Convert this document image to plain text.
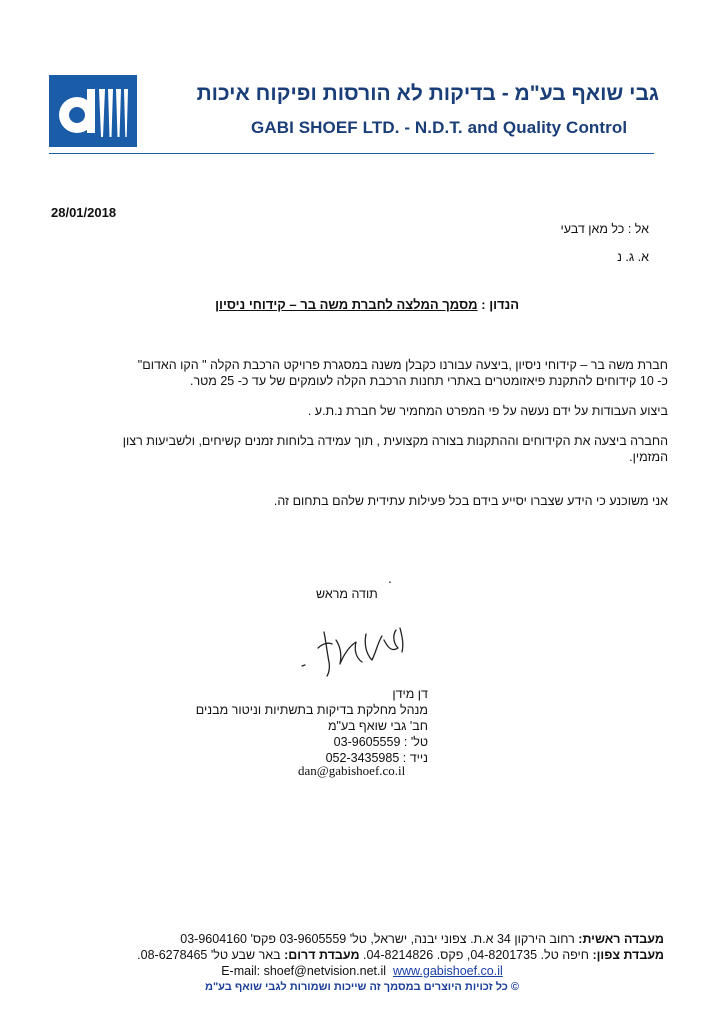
גבי שואף בע"מ - בדיקות לא הורסות ופיקוח איכות
GABI SHOEF LTD. - N.D.T. and Quality Control
28/01/2018
אל : כל מאן דבעי
א. ג. נ
הנדון : מסמך המלצה לחברת משה בר – קידוחי ניסיון
חברת משה בר – קידוחי ניסיון ,ביצעה עבורנו כקבלן משנה במסגרת פרויקט הרכבת הקלה " הקו האדום"
כ- 10 קידוחים להתקנת פיאזומטרים באתרי תחנות הרכבת הקלה לעומקים של עד כ- 25 מטר.
ביצוע העבודות על ידם נעשה על פי המפרט המחמיר של חברת נ.ת.ע .
החברה ביצעה את הקידוחים וההתקנות בצורה מקצועית , תוך עמידה בלוחות זמנים קשיחים, ולשביעות רצון
המזמין.
אני משוכנע כי הידע שצברו יסייע בידם בכל פעילות עתידית שלהם בתחום זה.
.
תודה מראש
דן מידן
מנהל מחלקת בדיקות בתשתיות וניטור מבנים
חב' גבי שואף בע"מ
טל' : 03-9605559
נייד : 052-3435985
dan@gabishoef.co.il
מעבדה ראשית: רחוב הירקון 34 א.ת. צפוני יבנה, ישראל, טל' 03-9605559 פקס' 03-9604160
מעבדת צפון: חיפה טל. 04-8201735, פקס. 04-8214826. מעבדת דרום: באר שבע טל' 08-6278465.
E-mail: shoef@netvision.net.il www.gabishoef.co.il
© כל זכויות היוצרים במסמך זה שייכות ושמורות לגבי שואף בע"מ
